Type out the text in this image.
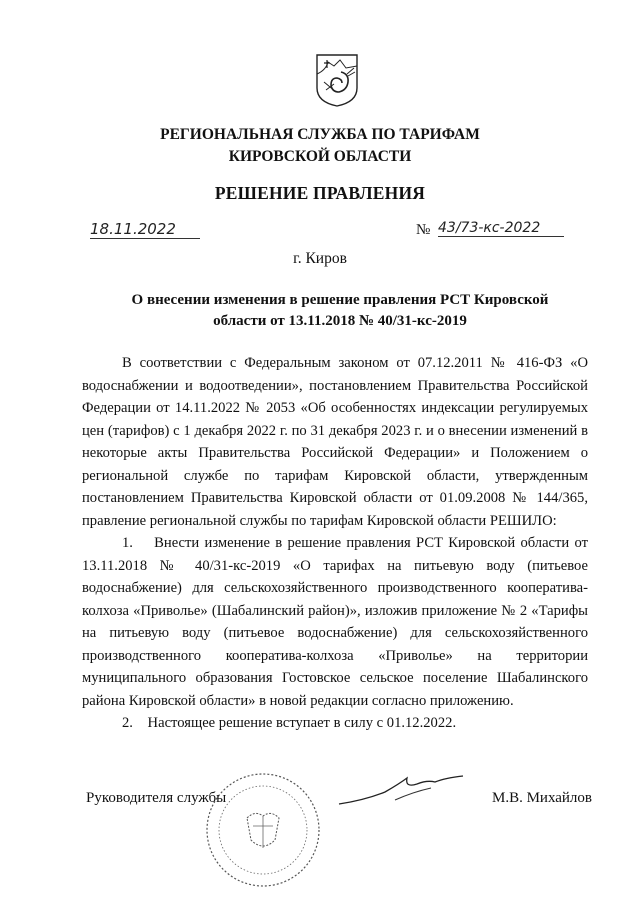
РЕГИОНАЛЬНАЯ СЛУЖБА ПО ТАРИФАМ
КИРОВСКОЙ ОБЛАСТИ
РЕШЕНИЕ ПРАВЛЕНИЯ
18.11.2022	№ 43/73-кс-2022
г. Киров
О внесении изменения в решение правления РСТ Кировской
области от 13.11.2018 № 40/31-кс-2019

В соответствии с Федеральным законом от 07.12.2011 № 416-ФЗ «О водоснабжении и водоотведении», постановлением Правительства Российской Федерации от 14.11.2022 № 2053 «Об особенностях индексации регулируемых цен (тарифов) с 1 декабря 2022 г. по 31 декабря 2023 г. и о внесении изменений в некоторые акты Правительства Российской Федерации» и Положением о региональной службе по тарифам Кировской области, утвержденным постановлением Правительства Кировской области от 01.09.2008 № 144/365, правление региональной службы по тарифам Кировской области РЕШИЛО:

1. Внести изменение в решение правления РСТ Кировской области от 13.11.2018 № 40/31-кс-2019 «О тарифах на питьевую воду (питьевое водоснабжение) для сельскохозяйственного производственного кооператива-колхоза «Приволье» (Шабалинский район)», изложив приложение № 2 «Тарифы на питьевую воду (питьевое водоснабжение) для сельскохозяйственного производственного кооператива-колхоза «Приволье» на территории муниципального образования Гостовское сельское поселение Шабалинского района Кировской области» в новой редакции согласно приложению.

2. Настоящее решение вступает в силу с 01.12.2022.

Руководителя службы	М.В. Михайлов
